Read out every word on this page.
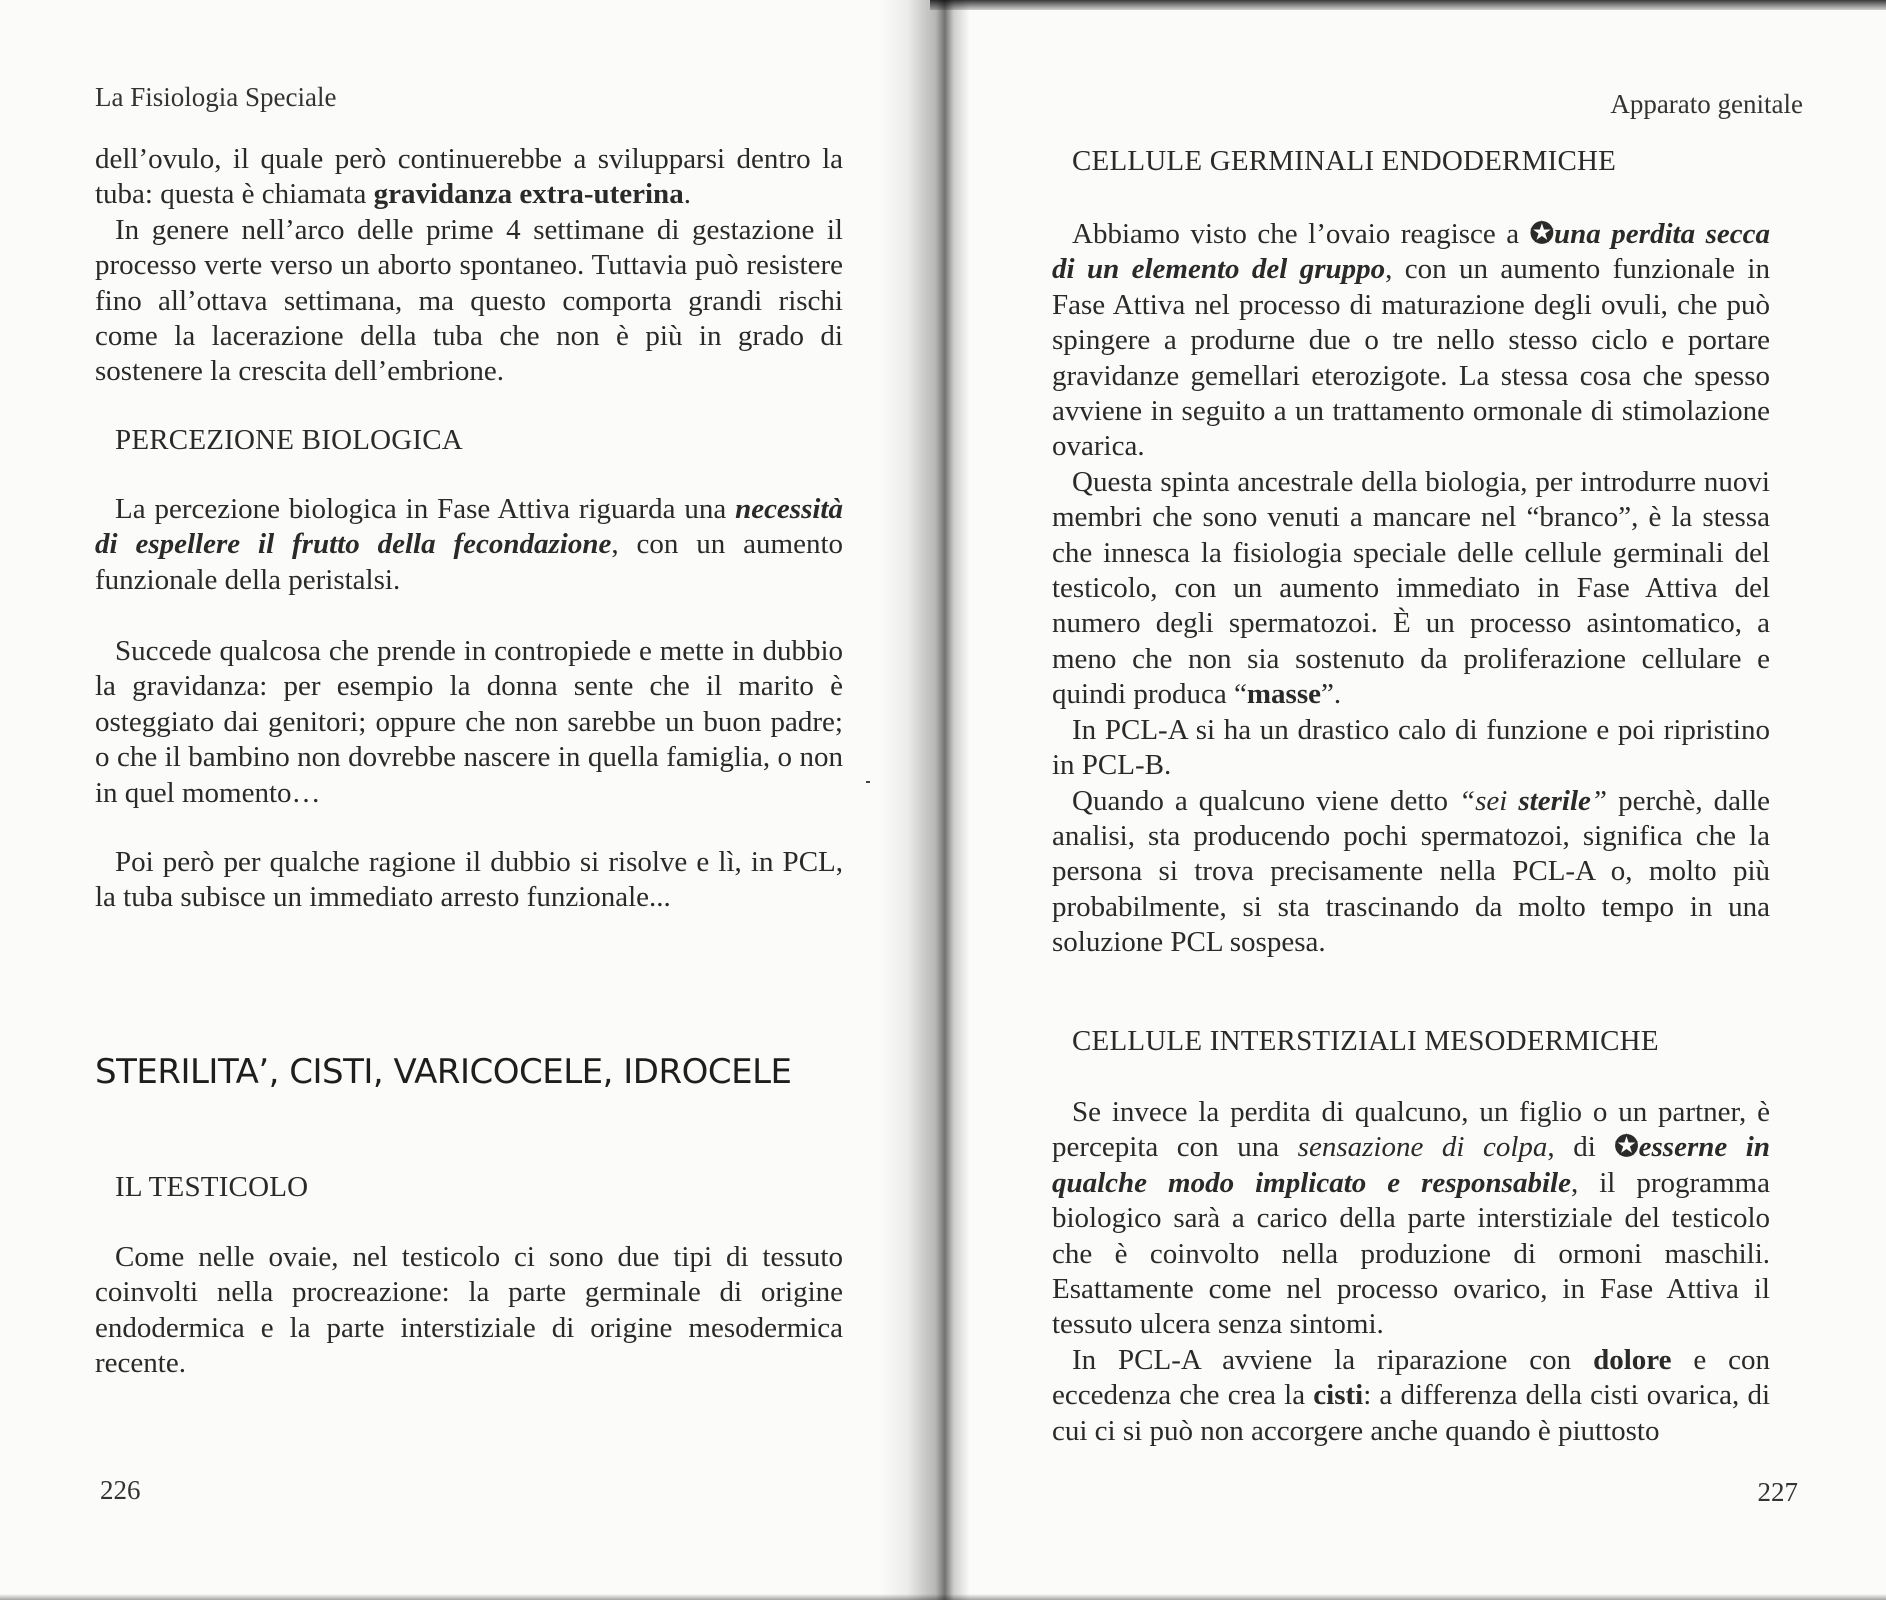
La Fisiologia Speciale

dell’ovulo, il quale però continuerebbe a svilupparsi dentro la tuba: questa è chiamata gravidanza extra-uterina.

In genere nell’arco delle prime 4 settimane di gestazione il processo verte verso un aborto spontaneo. Tuttavia può resistere fino all’ottava settimana, ma questo comporta grandi rischi come la lacerazione della tuba che non è più in grado di sostenere la crescita dell’embrione.

PERCEZIONE BIOLOGICA

La percezione biologica in Fase Attiva riguarda una necessità di espellere il frutto della fecondazione, con un aumento funzionale della peristalsi.

Succede qualcosa che prende in contropiede e mette in dubbio la gravidanza: per esempio la donna sente che il marito è osteggiato dai genitori; oppure che non sarebbe un buon padre; o che il bambino non dovrebbe nascere in quella famiglia, o non in quel momento…

Poi però per qualche ragione il dubbio si risolve e lì, in PCL, la tuba subisce un immediato arresto funzionale...

STERILITA’, CISTI, VARICOCELE, IDROCELE

IL TESTICOLO

Come nelle ovaie, nel testicolo ci sono due tipi di tessuto coinvolti nella procreazione: la parte germinale di origine endodermica e la parte interstiziale di origine mesodermica recente.

226
Apparato genitale

CELLULE GERMINALI ENDODERMICHE

Abbiamo visto che l’ovaio reagisce a ✪una perdita secca di un elemento del gruppo, con un aumento funzionale in Fase Attiva nel processo di maturazione degli ovuli, che può spingere a produrne due o tre nello stesso ciclo e portare gravidanze gemellari eterozigote. La stessa cosa che spesso avviene in seguito a un trattamento ormonale di stimolazione ovarica.

Questa spinta ancestrale della biologia, per introdurre nuovi membri che sono venuti a mancare nel “branco”, è la stessa che innesca la fisiologia speciale delle cellule germinali del testicolo, con un aumento immediato in Fase Attiva del numero degli spermatozoi. È un processo asintomatico, a meno che non sia sostenuto da proliferazione cellulare e quindi produca “masse”.

In PCL-A si ha un drastico calo di funzione e poi ripristino in PCL-B.

Quando a qualcuno viene detto “sei sterile” perchè, dalle analisi, sta producendo pochi spermatozoi, significa che la persona si trova precisamente nella PCL-A o, molto più probabilmente, si sta trascinando da molto tempo in una soluzione PCL sospesa.

CELLULE INTERSTIZIALI MESODERMICHE

Se invece la perdita di qualcuno, un figlio o un partner, è percepita con una sensazione di colpa, di ✪esserne in qualche modo implicato e responsabile, il programma biologico sarà a carico della parte interstiziale del testicolo che è coinvolto nella produzione di ormoni maschili. Esattamente come nel processo ovarico, in Fase Attiva il tessuto ulcera senza sintomi.

In PCL-A avviene la riparazione con dolore e con eccedenza che crea la cisti: a differenza della cisti ovarica, di cui ci si può non accorgere anche quando è piuttosto

227
